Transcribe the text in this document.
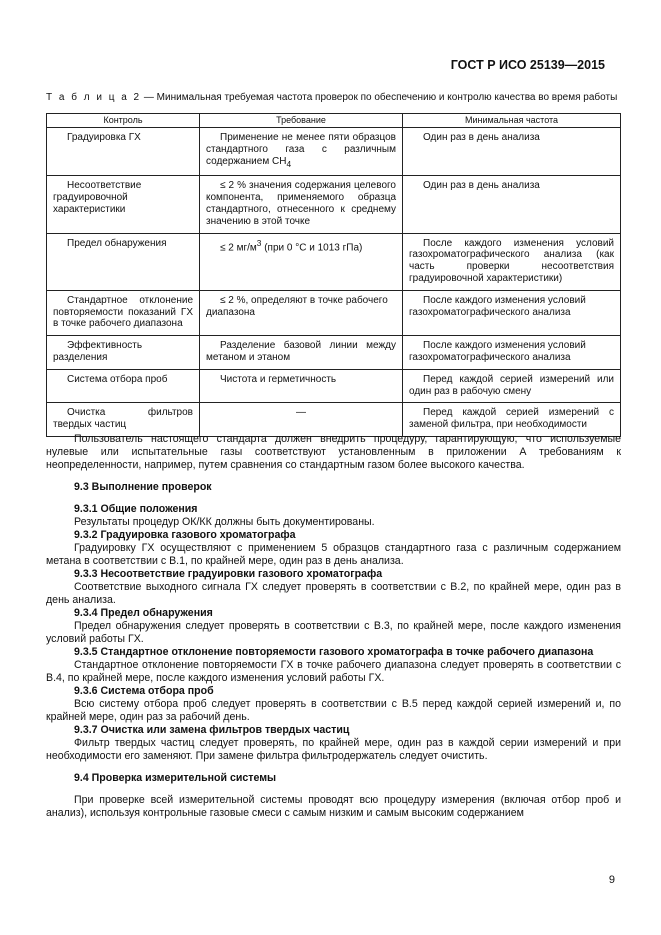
ГОСТ Р ИСО 25139—2015
Т а б л и ц а 2 — Минимальная требуемая частота проверок по обеспечению и контролю качества во время работы
Контроль	Требование	Минимальная частота
Градуировка ГХ	Применение не менее пяти образцов стандартного газа с различным содержанием $CH_4$	Один раз в день анализа
Несоответствие градуировочной характеристики	≤ 2 % значения содержания целевого компонента, применяемого образца стандартного, отнесенного к среднему значению в этой точке	Один раз в день анализа
Предел обнаружения	≤ 2 $мг/м^3$ (при 0 °C и 1013 гПа)	После каждого изменения условий газохроматографического анализа (как часть проверки несоответствия градуировочной характеристики)
Стандартное отклонение повторяемости показаний ГХ в точке рабочего диапазона	≤ 2 %, определяют в точке рабочего диапазона	После каждого изменения условий газохроматографического анализа
Эффективность разделения	Разделение базовой линии между метаном и этаном	После каждого изменения условий газохроматографического анализа
Система отбора проб	Чистота и герметичность	Перед каждой серией измерений или один раз в рабочую смену
Очистка фильтров твердых частиц	—	Перед каждой серией измерений с заменой фильтра, при необходимости

Пользователь настоящего стандарта должен внедрить процедуру, гарантирующую, что используемые нулевые или испытательные газы соответствуют установленным в приложении А требованиям к неопределенности, например, путем сравнения со стандартным газом более высокого качества.

9.3 Выполнение проверок

9.3.1 Общие положения

Результаты процедур ОК/КК должны быть документированы.

9.3.2 Градуировка газового хроматографа

Градуировку ГХ осуществляют с применением 5 образцов стандартного газа с различным содержанием метана в соответствии с В.1, по крайней мере, один раз в день анализа.

9.3.3 Несоответствие градуировки газового хроматографа

Соответствие выходного сигнала ГХ следует проверять в соответствии с В.2, по крайней мере, один раз в день анализа.

9.3.4 Предел обнаружения

Предел обнаружения следует проверять в соответствии с В.3, по крайней мере, после каждого изменения условий работы ГХ.

9.3.5 Стандартное отклонение повторяемости газового хроматографа в точке рабочего диапазона

Стандартное отклонение повторяемости ГХ в точке рабочего диапазона следует проверять в соответствии с В.4, по крайней мере, после каждого изменения условий работы ГХ.

9.3.6 Система отбора проб

Всю систему отбора проб следует проверять в соответствии с В.5 перед каждой серией измерений и, по крайней мере, один раз за рабочий день.

9.3.7 Очистка или замена фильтров твердых частиц

Фильтр твердых частиц следует проверять, по крайней мере, один раз в каждой серии измерений и при необходимости его заменяют. При замене фильтра фильтродержатель следует очистить.

9.4 Проверка измерительной системы

При проверке всей измерительной системы проводят всю процедуру измерения (включая отбор проб и анализ), используя контрольные газовые смеси с самым низким и самым высоким содержанием

9
